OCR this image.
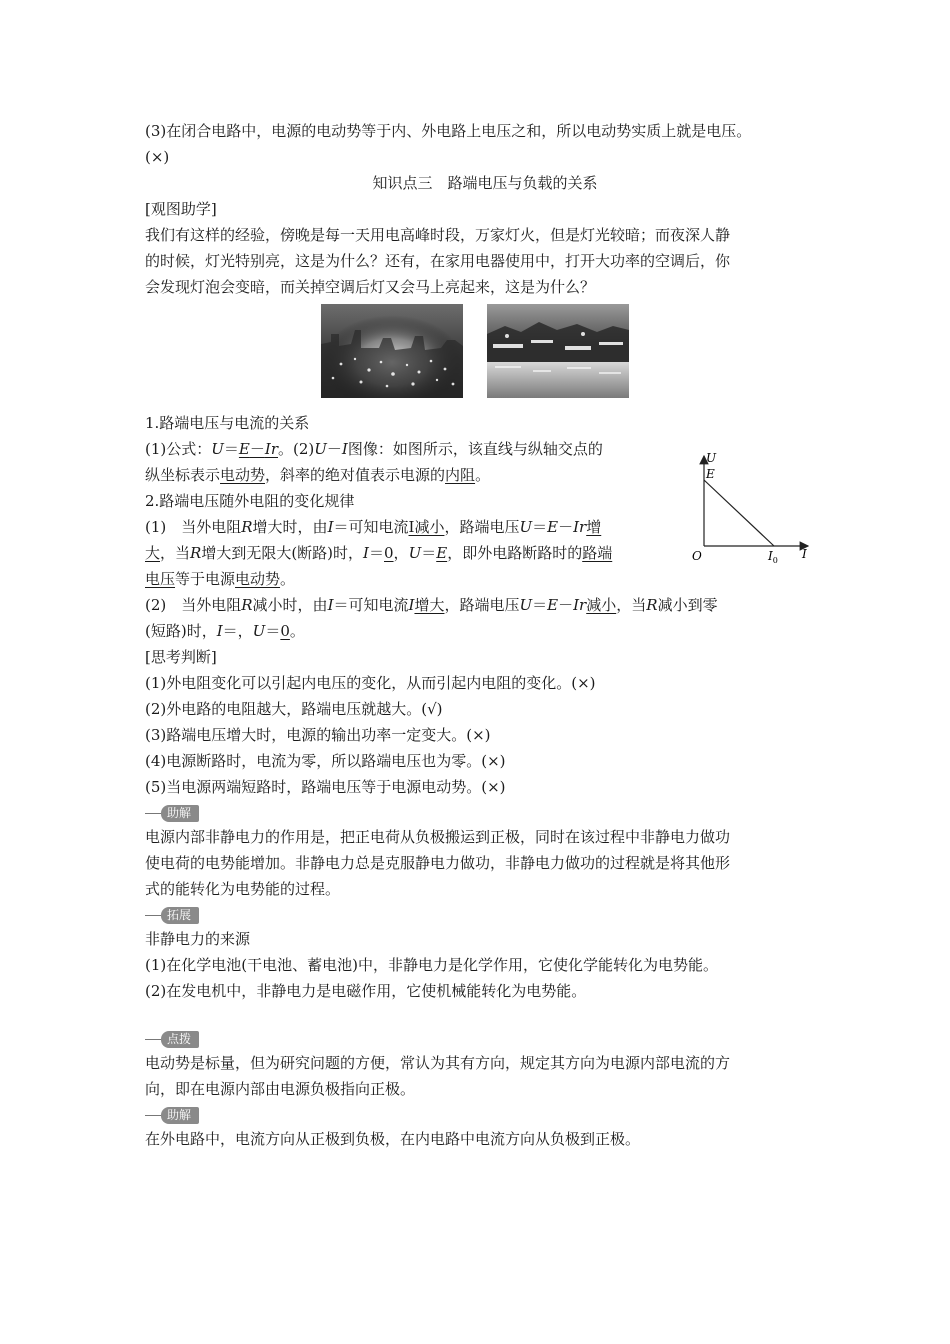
(3)在闭合电路中，电源的电动势等于内、外电路上电压之和，所以电动势实质上就是电压。
(×)
知识点三　路端电压与负载的关系
[观图助学]
我们有这样的经验，傍晚是每一天用电高峰时段，万家灯火，但是灯光较暗；而夜深人静
的时候，灯光特别亮，这是为什么？还有，在家用电器使用中，打开大功率的空调后，你
会发现灯泡会变暗，而关掉空调后灯又会马上亮起来，这是为什么？
1.路端电压与电流的关系
(1)公式：U＝E－Ir。(2)U－I图像：如图所示，该直线与纵轴交点的
纵坐标表示电动势，斜率的绝对值表示电源的内阻。
2.路端电压随外电阻的变化规律
(1)　当外电阻R增大时，由I＝可知电流I减小，路端电压U＝E－Ir增
大，当R增大到无限大(断路)时，I＝0，U＝E，即外电路断路时的路端
电压等于电源电动势。
(2)　当外电阻R减小时，由I＝可知电流I增大，路端电压U＝E－Ir减小，当R减小到零
(短路)时，I＝，U＝0。
[思考判断]
(1)外电阻变化可以引起内电压的变化，从而引起内电阻的变化。(×)
(2)外电路的电阻越大，路端电压就越大。(√)
(3)路端电压增大时，电源的输出功率一定变大。(×)
(4)电源断路时，电流为零，所以路端电压也为零。(×)
(5)当电源两端短路时，路端电压等于电源电动势。(×)
助解
电源内部非静电力的作用是，把正电荷从负极搬运到正极，同时在该过程中非静电力做功
使电荷的电势能增加。非静电力总是克服静电力做功，非静电力做功的过程就是将其他形
式的能转化为电势能的过程。
拓展
非静电力的来源
(1)在化学电池(干电池、蓄电池)中，非静电力是化学作用，它使化学能转化为电势能。
(2)在发电机中，非静电力是电磁作用，它使机械能转化为电势能。
点拨
电动势是标量，但为研究问题的方便，常认为其有方向，规定其方向为电源内部电流的方
向，即在电源内部由电源负极指向正极。
助解
在外电路中，电流方向从正极到负极，在内电路中电流方向从负极到正极。
U
E
O	$I_0$ I
